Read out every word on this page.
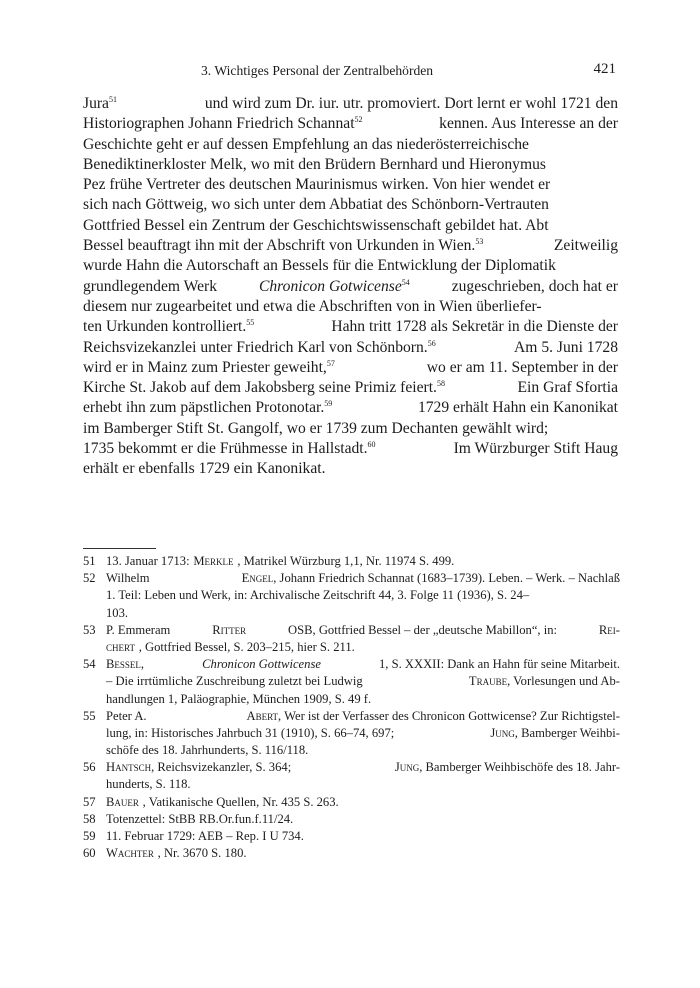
3. Wichtiges Personal der Zentralbehörden	421
Jura$^{51}$	und wird zum Dr. iur. utr. promoviert. Dort lernt er wohl 1721 den
Historiographen Johann Friedrich Schannat$^{52}$	kennen. Aus Interesse an der
Geschichte geht er auf dessen Empfehlung an das niederösterreichische
Benediktinerkloster Melk, wo mit den Brüdern Bernhard und Hieronymus
Pez frühe Vertreter des deutschen Maurinismus wirken. Von hier wendet er
sich nach Göttweig, wo sich unter dem Abbatiat des Schönborn-Vertrauten
Gottfried Bessel ein Zentrum der Geschichtswissenschaft gebildet hat. Abt
Bessel beauftragt ihn mit der Abschrift von Urkunden in Wien.$^{53}$	Zeitweilig
wurde Hahn die Autorschaft an Bessels für die Entwicklung der Diplomatik
grundlegendem Werk	Chronicon Gotwicense$^{54}$	zugeschrieben, doch hat er
diesem nur zugearbeitet und etwa die Abschriften von in Wien überliefer-
ten Urkunden kontrolliert.$^{55}$	Hahn tritt 1728 als Sekretär in die Dienste der
Reichsvizekanzlei unter Friedrich Karl von Schönborn.$^{56}$	Am 5. Juni 1728
wird er in Mainz zum Priester geweiht,$^{57}$	wo er am 11. September in der
Kirche St. Jakob auf dem Jakobsberg seine Primiz feiert.$^{58}$	Ein Graf Sfortia
erhebt ihn zum päpstlichen Protonotar.$^{59}$	1729 erhält Hahn ein Kanonikat
im Bamberger Stift St. Gangolf, wo er 1739 zum Dechanten gewählt wird;
1735 bekommt er die Frühmesse in Hallstadt.$^{60}$	Im Würzburger Stift Haug
erhält er ebenfalls 1729 ein Kanonikat.
51 13. Januar 1713: Merkle , Matrikel Würzburg 1,1, Nr. 11974 S. 499.
52 Wilhelm	Engel, Johann Friedrich Schannat (1683–1739). Leben. – Werk. – Nachlaß
1. Teil: Leben und Werk, in: Archivalische Zeitschrift 44, 3. Folge 11 (1936), S. 24–
103.
53 P. Emmeram	Ritter	OSB, Gottfried Bessel – der „deutsche Mabillon“, in:	Rei-
chert , Gottfried Bessel, S. 203–215, hier S. 211.
54 Bessel,	Chronicon Gottwicense	1, S. XXXII: Dank an Hahn für seine Mitarbeit.
– Die irrtümliche Zuschreibung zuletzt bei Ludwig	Traube, Vorlesungen und Ab-
handlungen 1, Paläographie, München 1909, S. 49 f.
55 Peter A.	Abert, Wer ist der Verfasser des Chronicon Gottwicense? Zur Richtigstel-
lung, in: Historisches Jahrbuch 31 (1910), S. 66–74, 697;	Jung, Bamberger Weihbi-
schöfe des 18. Jahrhunderts, S. 116/118.
56 Hantsch, Reichsvizekanzler, S. 364;	Jung, Bamberger Weihbischöfe des 18. Jahr-
hunderts, S. 118.
57 Bauer , Vatikanische Quellen, Nr. 435 S. 263.
58 Totenzettel: StBB RB.Or.fun.f.11/24.
59 11. Februar 1729: AEB – Rep. I U 734.
60 Wachter , Nr. 3670 S. 180.
